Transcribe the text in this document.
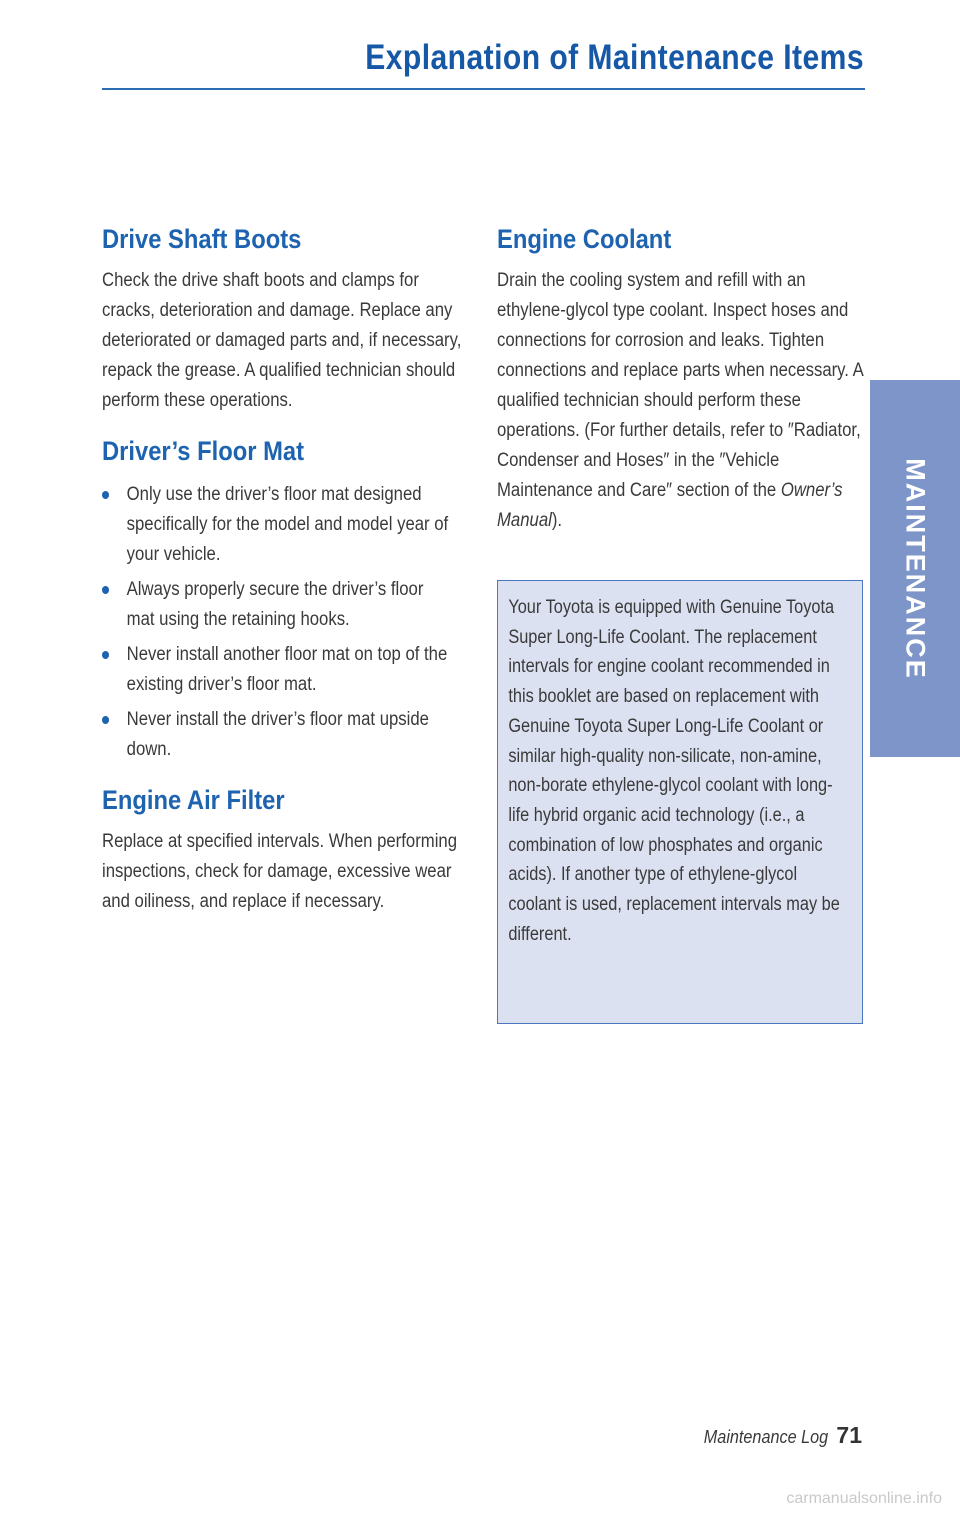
Explanation of Maintenance Items
Drive Shaft Boots

Check the drive shaft boots and clamps for cracks, deterioration and damage. Replace any deteriorated or damaged parts and, if necessary, repack the grease. A qualified technician should perform these operations.

Driver’s Floor Mat
Only use the driver’s floor mat designed specifically for the model and model year of your vehicle.
Always properly secure the driver’s floor mat using the retaining hooks.
Never install another floor mat on top of the existing driver’s floor mat.
Never install the driver’s floor mat upside down.
Engine Air Filter

Replace at specified intervals. When performing inspections, check for damage, excessive wear and oiliness, and replace if necessary.

Engine Coolant

Drain the cooling system and refill with an ethylene-glycol type coolant. Inspect hoses and connections for corrosion and leaks. Tighten connections and replace parts when necessary. A qualified technician should perform these operations. (For further details, refer to ″Radiator, Condenser and Hoses″ in the ″Vehicle Maintenance and Care″ section of the Owner’s Manual).

Your Toyota is equipped with Genuine Toyota Super Long-Life Coolant. The replacement intervals for engine coolant recommended in this booklet are based on replacement with Genuine Toyota Super Long-Life Coolant or similar high-quality non-silicate, non-amine, non-borate ethylene-glycol coolant with long-life hybrid organic acid technology (i.e., a combination of low phosphates and organic acids). If another type of ethylene-glycol coolant is used, replacement intervals may be different.

MAINTENANCE
Maintenance Log 71
carmanualsonline.info
